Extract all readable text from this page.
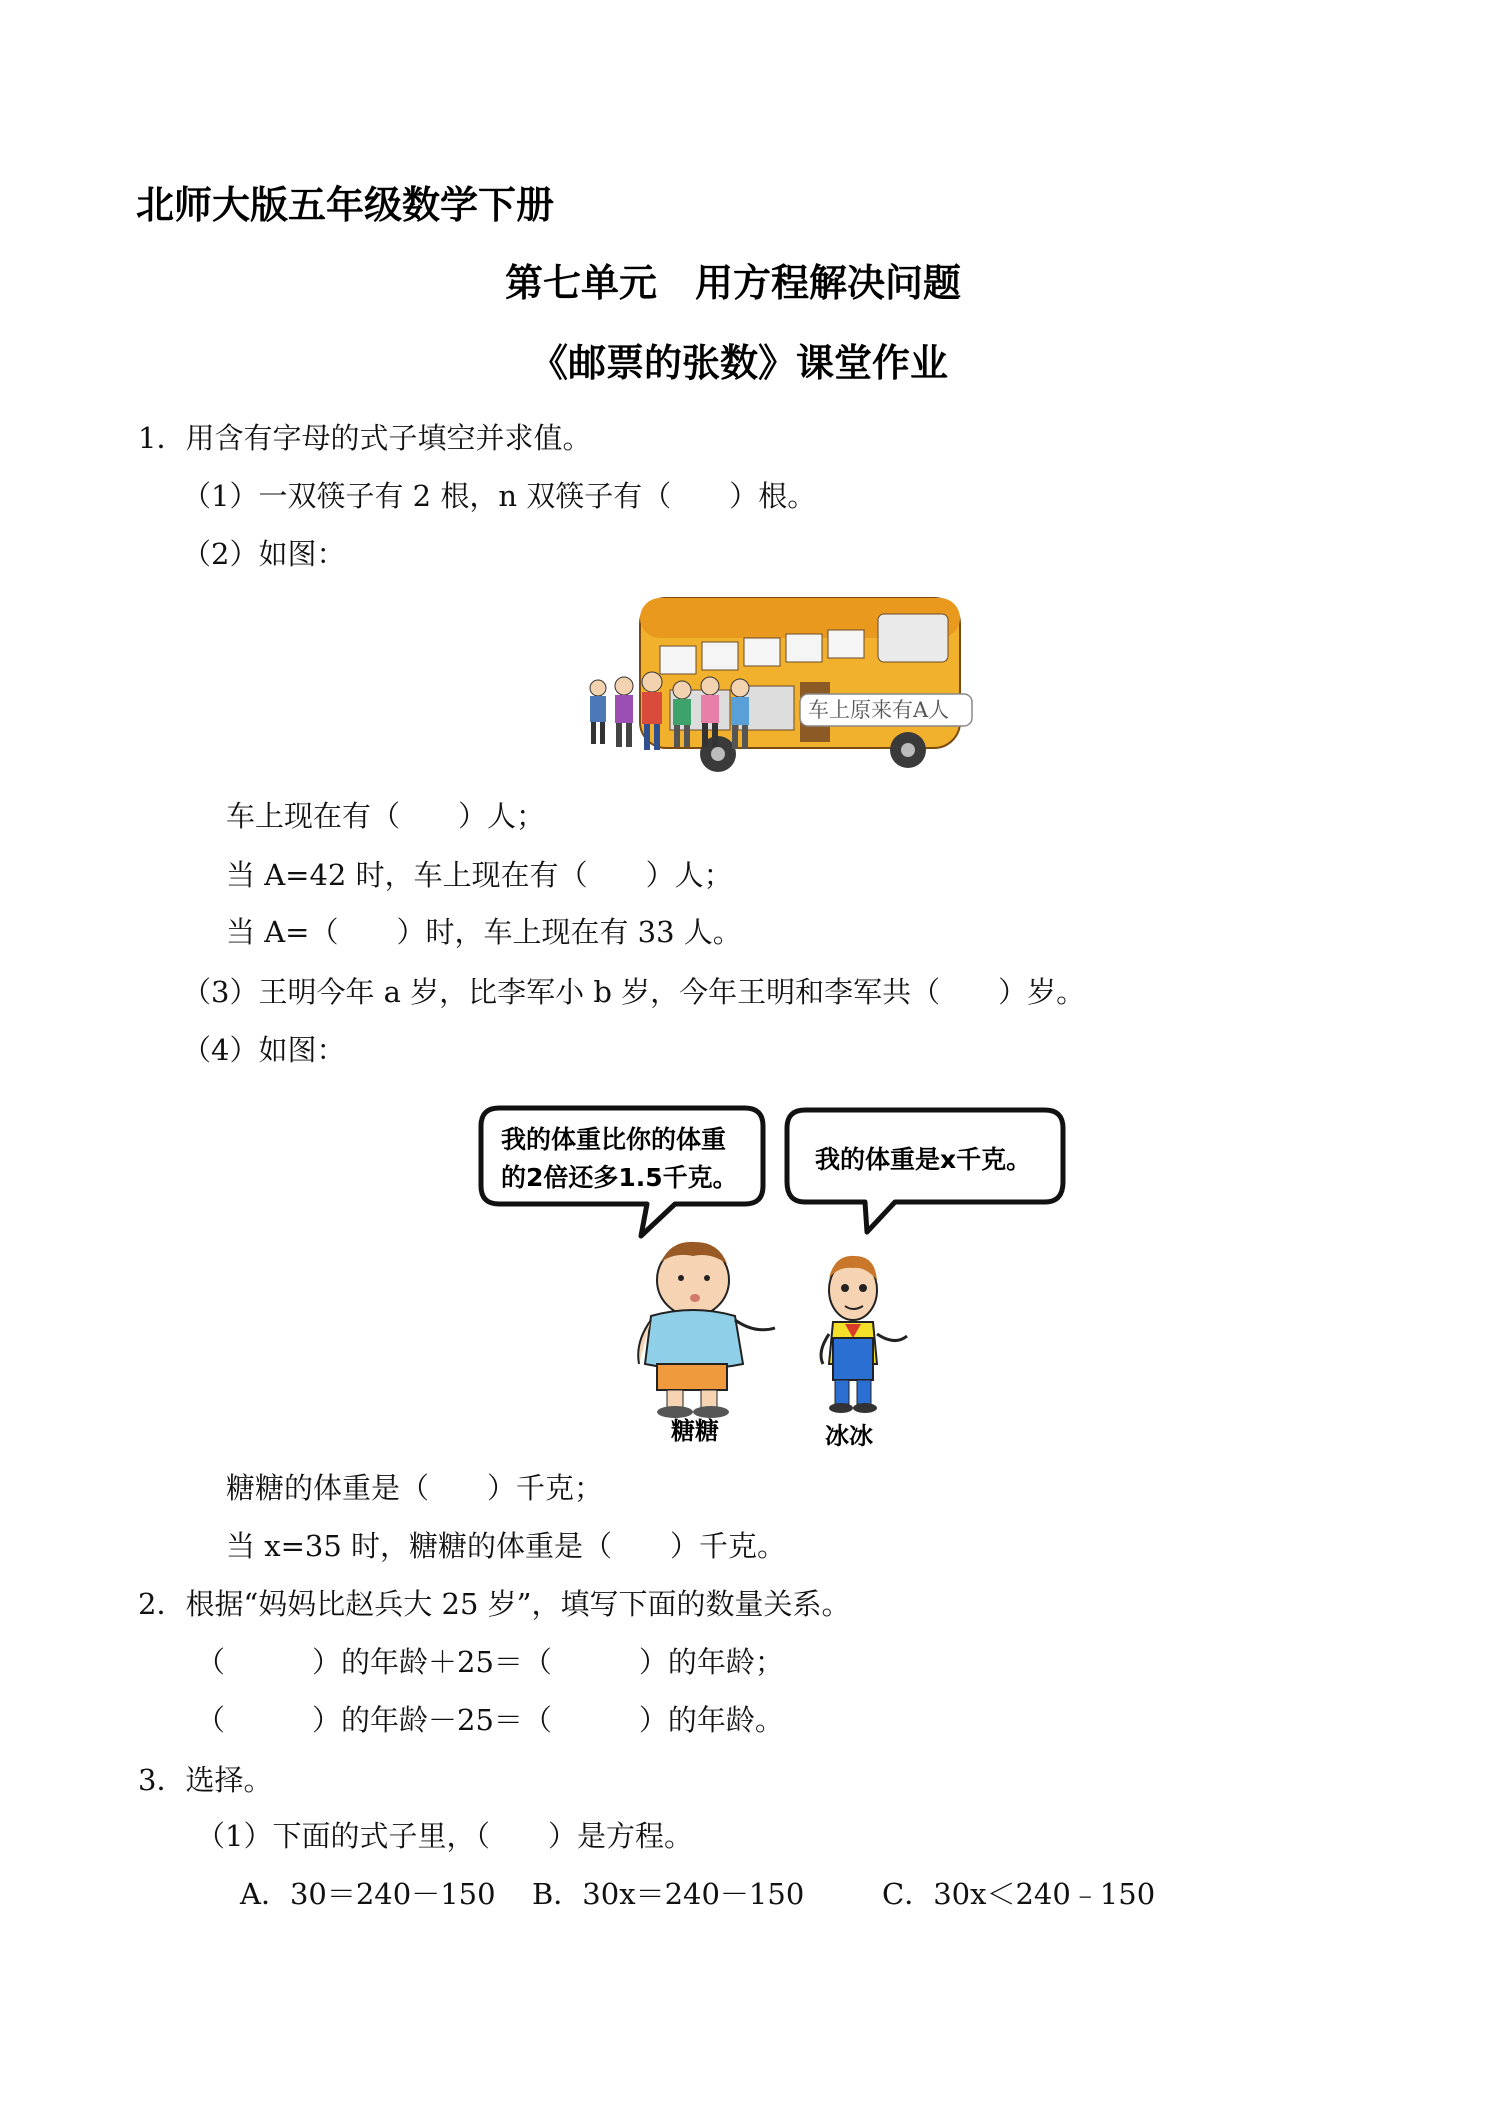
北师大版五年级数学下册
第七单元　用方程解决问题
《邮票的张数》课堂作业
1．用含有字母的式子填空并求值。
（1）一双筷子有 2 根，n 双筷子有（　　）根。
（2）如图：
车上原来有A人
车上现在有（　　）人；
当 A=42 时，车上现在有（　　）人；
当 A=（　　）时，车上现在有 33 人。
（3）王明今年 a 岁，比李军小 b 岁，今年王明和李军共（　　）岁。
（4）如图：
我的体重比你的体重
的2倍还多1.5千克。
我的体重是x千克。
糖糖	冰冰
糖糖的体重是（　　）千克；
当 x=35 时，糖糖的体重是（　　）千克。
2．根据“妈妈比赵兵大 25 岁”，填写下面的数量关系。
（　　　）的年龄＋25＝（　　　）的年龄；
（　　　）的年龄－25＝（　　　）的年龄。
3．选择。
（1）下面的式子里，（　　）是方程。
A．30＝240－150 B．30x＝240－150	C．30x＜240﹣150
